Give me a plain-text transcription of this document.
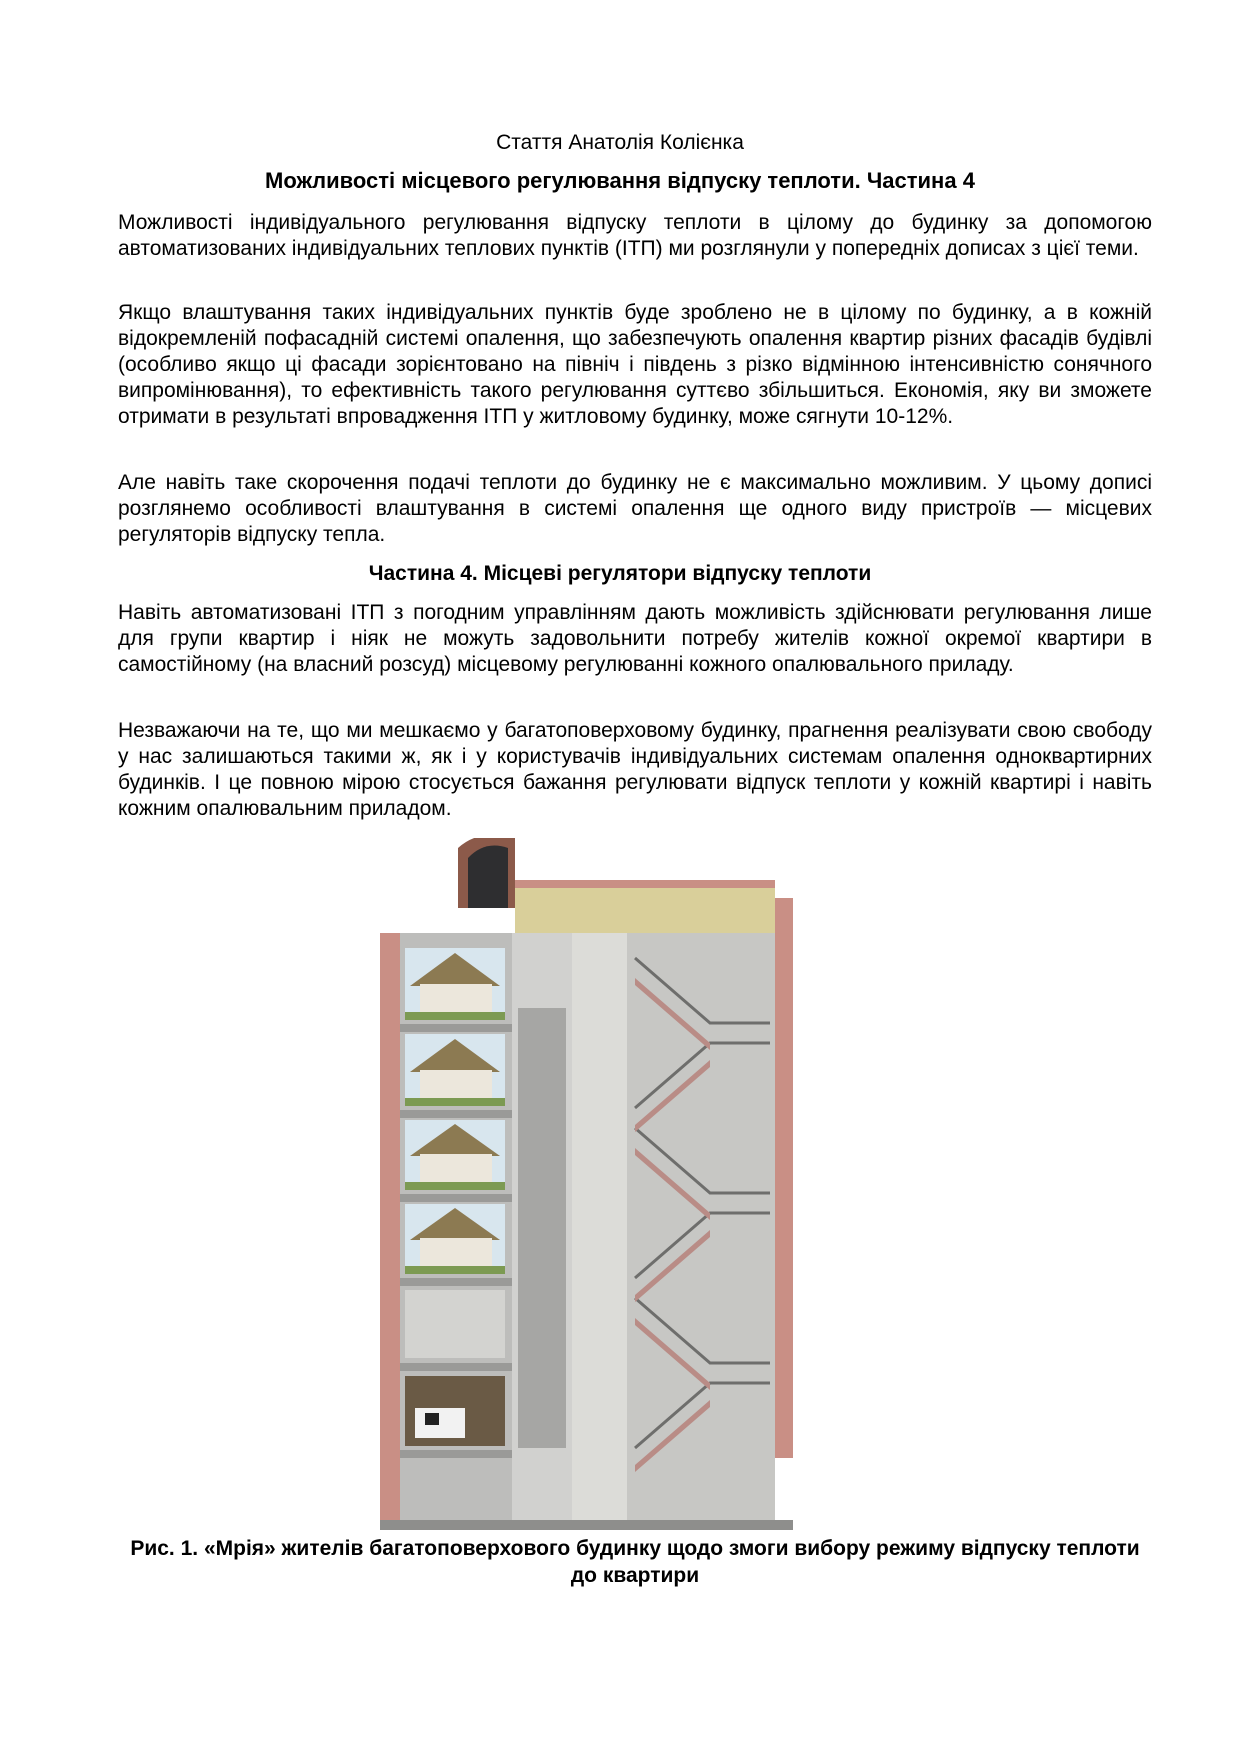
Стаття Анатолія Колієнка
Можливості місцевого регулювання відпуску теплоти. Частина 4
Можливості індивідуального регулювання відпуску теплоти в цілому до будинку за допомогою автоматизованих індивідуальних теплових пунктів (ІТП) ми розглянули у попередніх дописах з цієї теми.
Якщо влаштування таких індивідуальних пунктів буде зроблено не в цілому по будинку, а в кожній відокремленій пофасадній системі опалення, що забезпечують опалення квартир різних фасадів будівлі (особливо якщо ці фасади зорієнтовано на північ і південь з різко відмінною інтенсивністю сонячного випромінювання), то ефективність такого регулювання суттєво збільшиться. Економія, яку ви зможете отримати в результаті впровадження ІТП у житловому будинку, може сягнути 10-12%.
Але навіть таке скорочення подачі теплоти до будинку не є максимально можливим. У цьому дописі розглянемо особливості влаштування в системі опалення ще одного виду пристроїв — місцевих регуляторів відпуску тепла.
Частина 4. Місцеві регулятори відпуску теплоти
Навіть автоматизовані ІТП з погодним управлінням дають можливість здійснювати регулювання лише для групи квартир і ніяк не можуть задовольнити потребу жителів кожної окремої квартири в самостійному (на власний розсуд) місцевому регулюванні кожного опалювального приладу.
Незважаючи на те, що ми мешкаємо у багатоповерховому будинку, прагнення реалізувати свою свободу у нас залишаються такими ж, як і у користувачів індивідуальних системам опалення одноквартирних будинків. І це повною мірою стосується бажання регулювати відпуск теплоти у кожній квартирі і навіть кожним опалювальним приладом.
Рис. 1. «Мрія» жителів багатоповерхового будинку щодо змоги вибору режиму відпуску теплоти до квартири
